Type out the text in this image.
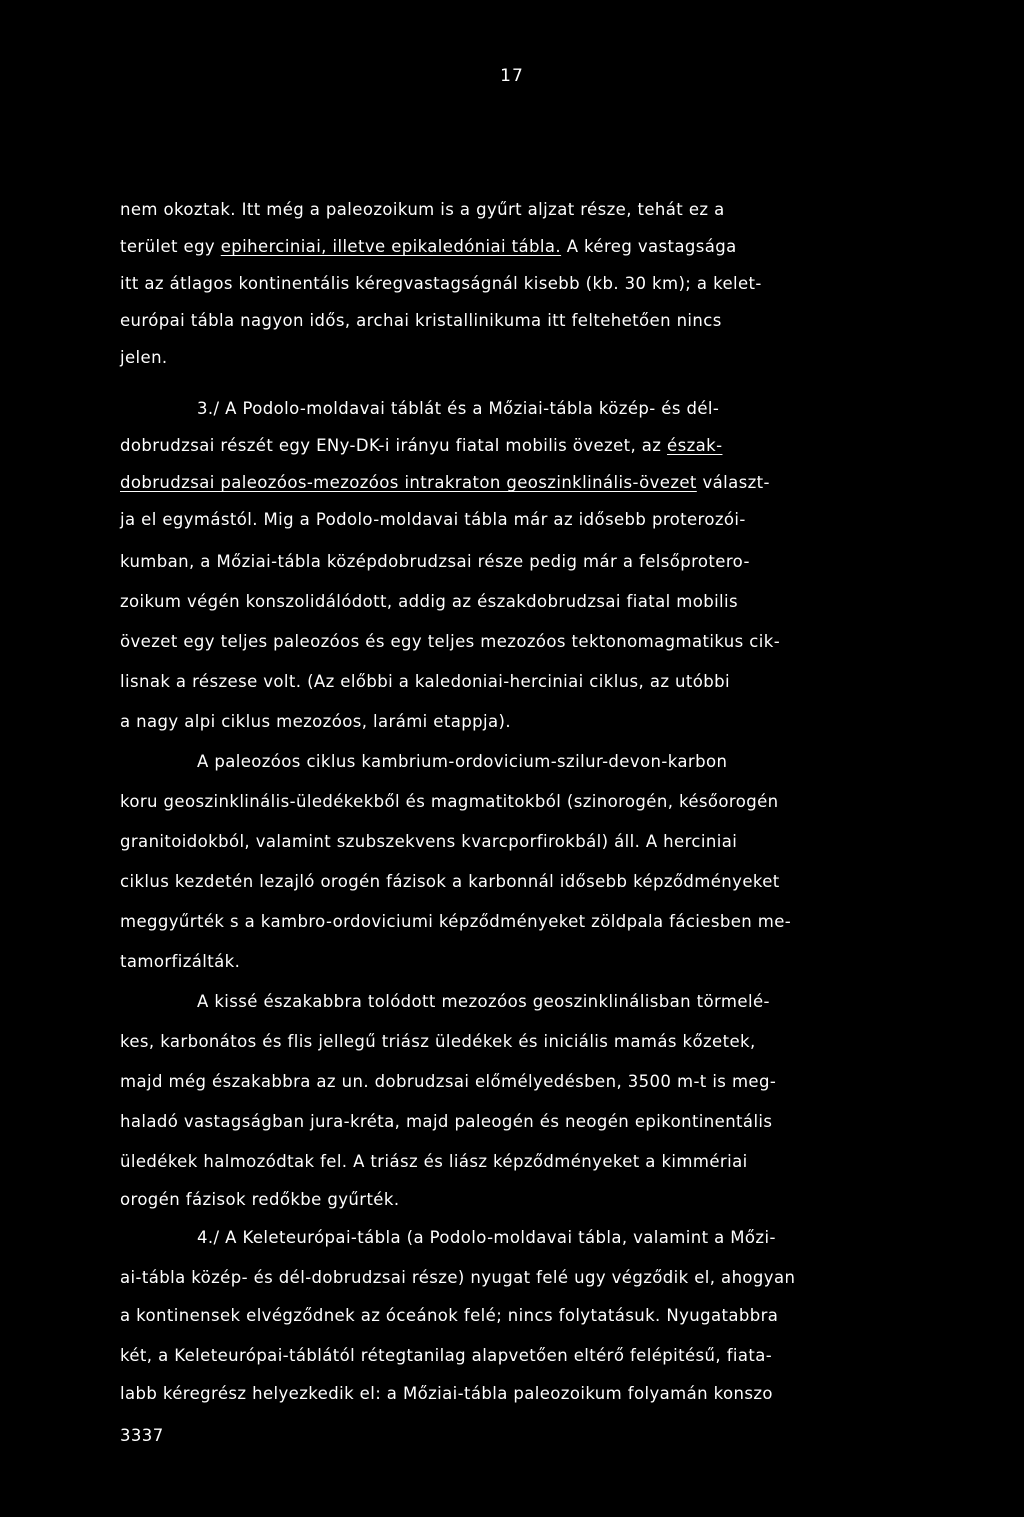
17
nem okoztak. Itt még a paleozoikum is a gyűrt aljzat része, tehát ez a
terület egy epiherciniai, illetve epikaledóniai tábla. A kéreg vastagsága
itt az átlagos kontinentális kéregvastagságnál kisebb (kb. 30 km); a kelet-
európai tábla nagyon idős, archai kristallinikuma itt feltehetően nincs
jelen.
3./ A Podolo-moldavai táblát és a Mőziai-tábla közép- és dél-
dobrudzsai részét egy ENy-DK-i irányu fiatal mobilis övezet, az észak-
dobrudzsai paleozóos-mezozóos intrakraton geoszinklinális-övezet választ-
ja el egymástól. Mig a Podolo-moldavai tábla már az idősebb proterozói-
kumban, a Mőziai-tábla középdobrudzsai része pedig már a felsőprotero-
zoikum végén konszolidálódott, addig az északdobrudzsai fiatal mobilis
övezet egy teljes paleozóos és egy teljes mezozóos tektonomagmatikus cik-
lisnak a részese volt. (Az előbbi a kaledoniai-herciniai ciklus, az utóbbi
a nagy alpi ciklus mezozóos, larámi etappja).
A paleozóos ciklus kambrium-ordovicium-szilur-devon-karbon
koru geoszinklinális-üledékekből és magmatitokból (szinorogén, későorogén
granitoidokból, valamint szubszekvens kvarcporfirokbál) áll. A herciniai
ciklus kezdetén lezajló orogén fázisok a karbonnál idősebb képződményeket
meggyűrték s a kambro-ordoviciumi képződményeket zöldpala fáciesben me-
tamorfizálták.
A kissé északabbra tolódott mezozóos geoszinklinálisban törmelé-
kes, karbonátos és flis jellegű triász üledékek és iniciális mamás kőzetek,
majd még északabbra az un. dobrudzsai előmélyedésben, 3500 m-t is meg-
haladó vastagságban jura-kréta, majd paleogén és neogén epikontinentális
üledékek halmozódtak fel. A triász és liász képződményeket a kimmériai
orogén fázisok redőkbe gyűrték.
4./ A Keleteurópai-tábla (a Podolo-moldavai tábla, valamint a Mőzi-
ai-tábla közép- és dél-dobrudzsai része) nyugat felé ugy végződik el, ahogyan
a kontinensek elvégződnek az óceánok felé; nincs folytatásuk. Nyugatabbra
két, a Keleteurópai-táblától rétegtanilag alapvetően eltérő felépitésű, fiata-
labb kéregrész helyezkedik el: a Mőziai-tábla paleozoikum folyamán konszo
3337
